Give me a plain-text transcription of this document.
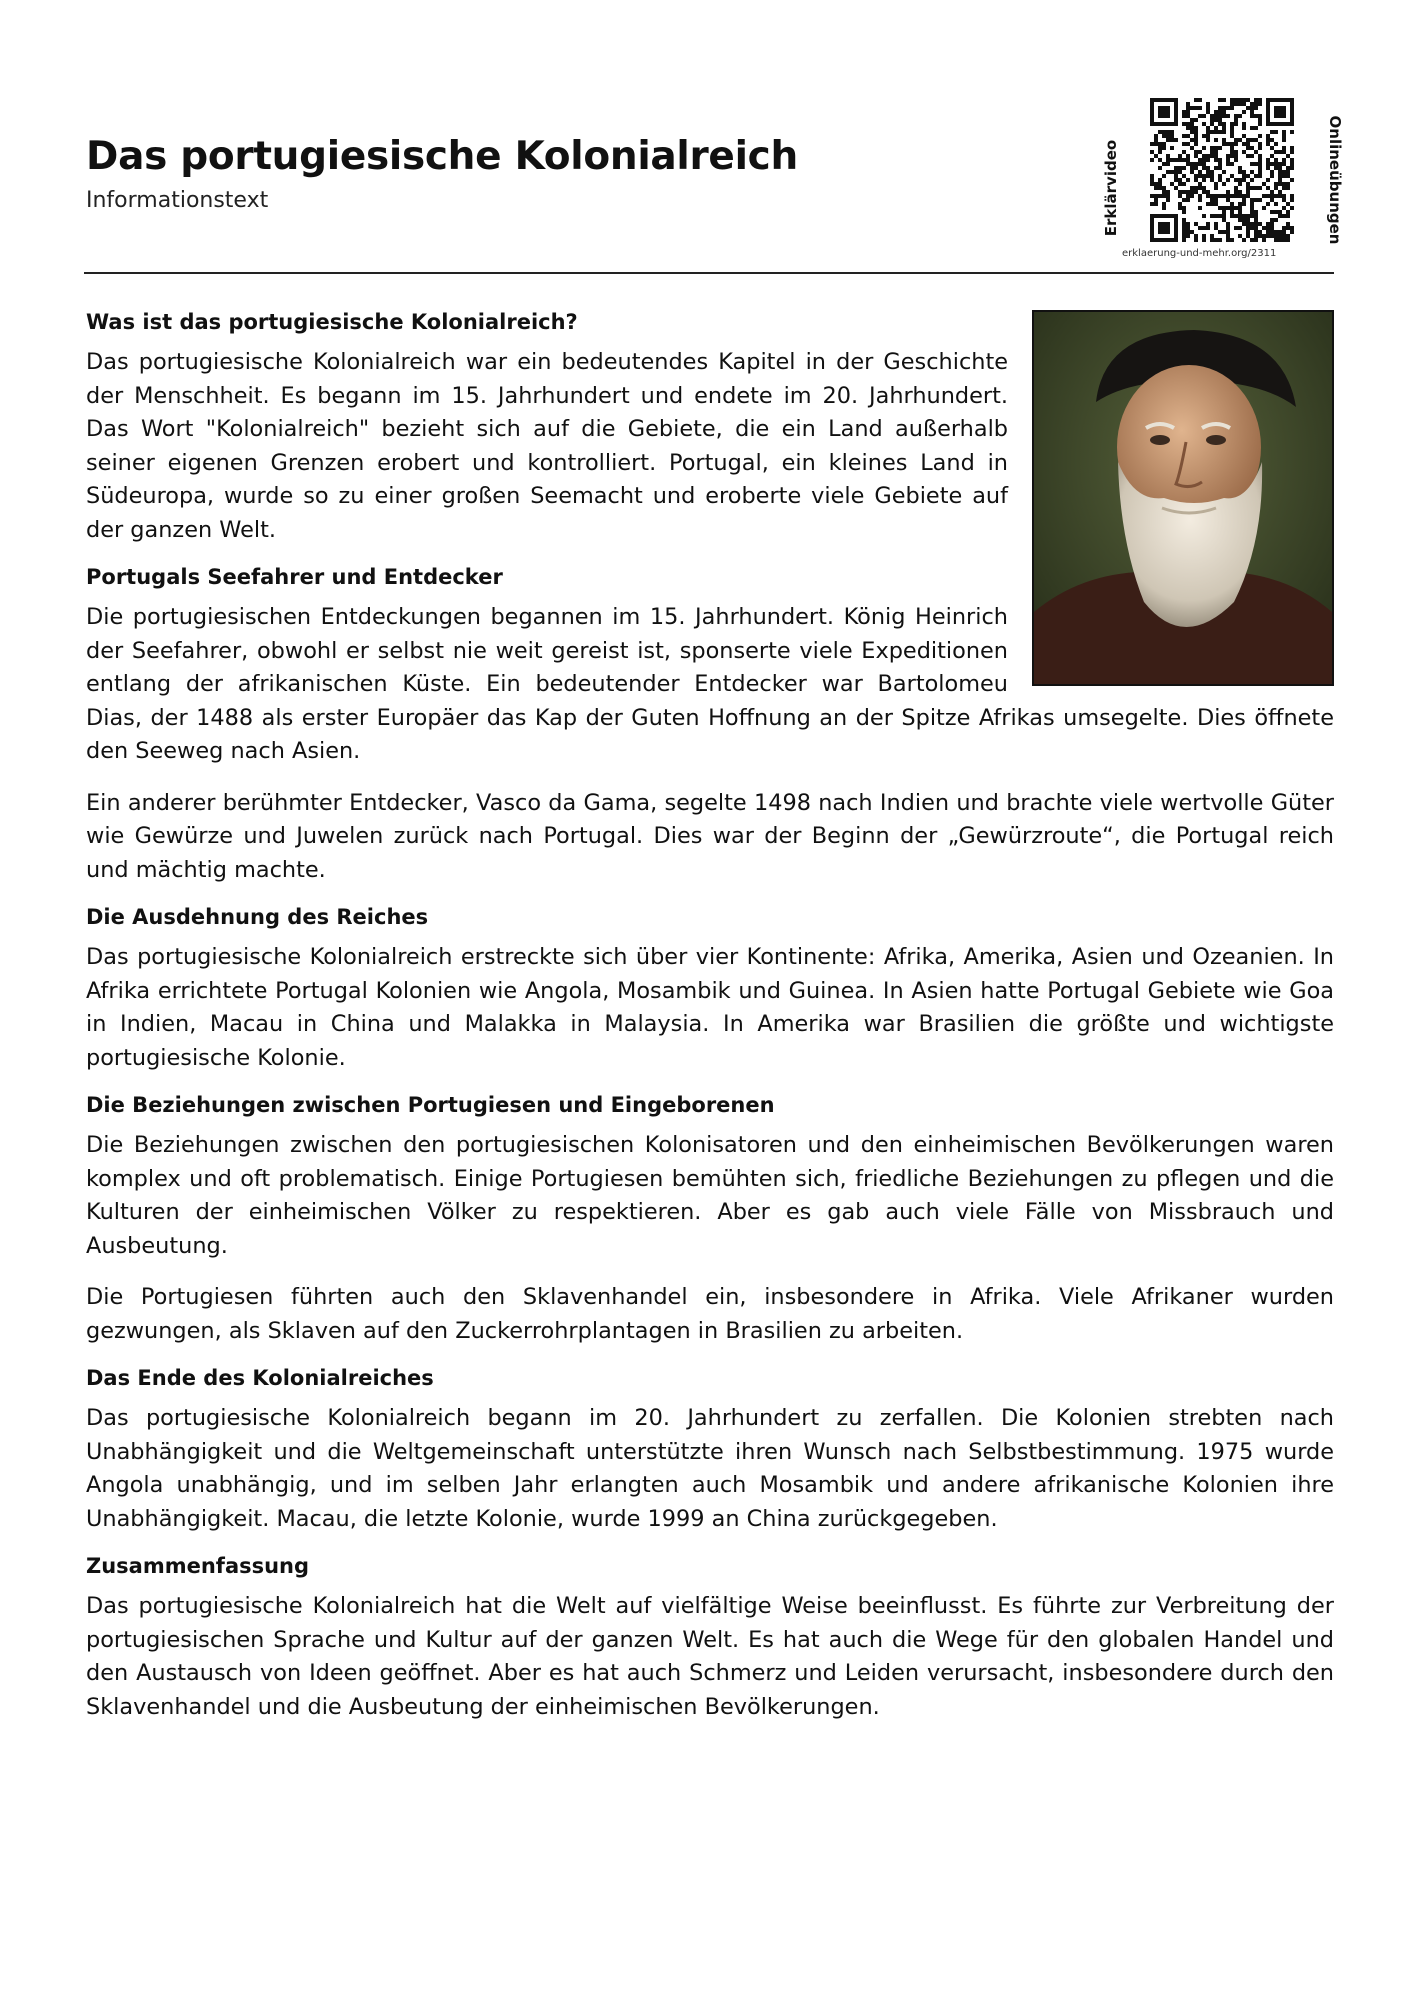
Das portugiesische Kolonialreich
Informationstext	Erklärvideo
erklaerung-und-mehr.org/2311
Onlineübungen
Was ist das portugiesische Kolonialreich?

Das portugiesische Kolonialreich war ein bedeutendes Kapitel in der Geschichte der Menschheit. Es begann im 15. Jahrhundert und endete im 20. Jahrhundert. Das Wort "Kolonialreich" bezieht sich auf die Gebiete, die ein Land außerhalb seiner eigenen Grenzen erobert und kontrolliert. Portugal, ein kleines Land in Südeuropa, wurde so zu einer großen Seemacht und eroberte viele Gebiete auf der ganzen Welt.

Portugals Seefahrer und Entdecker

Die portugiesischen Entdeckungen begannen im 15. Jahrhundert. König Heinrich der Seefahrer, obwohl er selbst nie weit gereist ist, sponserte viele Expeditionen entlang der afrikanischen Küste. Ein bedeutender Entdecker war Bartolomeu Dias, der 1488 als erster Europäer das Kap der Guten Hoffnung an der Spitze Afrikas umsegelte. Dies öffnete den Seeweg nach Asien.

Ein anderer berühmter Entdecker, Vasco da Gama, segelte 1498 nach Indien und brachte viele wertvolle Güter wie Gewürze und Juwelen zurück nach Portugal. Dies war der Beginn der „Gewürzroute“, die Portugal reich und mächtig machte.

Die Ausdehnung des Reiches

Das portugiesische Kolonialreich erstreckte sich über vier Kontinente: Afrika, Amerika, Asien und Ozeanien. In Afrika errichtete Portugal Kolonien wie Angola, Mosambik und Guinea. In Asien hatte Portugal Gebiete wie Goa in Indien, Macau in China und Malakka in Malaysia. In Amerika war Brasilien die größte und wichtigste portugiesische Kolonie.

Die Beziehungen zwischen Portugiesen und Eingeborenen

Die Beziehungen zwischen den portugiesischen Kolonisatoren und den einheimischen Bevölkerungen waren komplex und oft problematisch. Einige Portugiesen bemühten sich, friedliche Beziehungen zu pflegen und die Kulturen der einheimischen Völker zu respektieren. Aber es gab auch viele Fälle von Missbrauch und Ausbeutung.

Die Portugiesen führten auch den Sklavenhandel ein, insbesondere in Afrika. Viele Afrikaner wurden gezwungen, als Sklaven auf den Zuckerrohrplantagen in Brasilien zu arbeiten.

Das Ende des Kolonialreiches

Das portugiesische Kolonialreich begann im 20. Jahrhundert zu zerfallen. Die Kolonien strebten nach Unabhängigkeit und die Weltgemeinschaft unterstützte ihren Wunsch nach Selbstbestimmung. 1975 wurde Angola unabhängig, und im selben Jahr erlangten auch Mosambik und andere afrikanische Kolonien ihre Unabhängigkeit. Macau, die letzte Kolonie, wurde 1999 an China zurückgegeben.

Zusammenfassung

Das portugiesische Kolonialreich hat die Welt auf vielfältige Weise beeinflusst. Es führte zur Verbreitung der portugiesischen Sprache und Kultur auf der ganzen Welt. Es hat auch die Wege für den globalen Handel und den Austausch von Ideen geöffnet. Aber es hat auch Schmerz und Leiden verursacht, insbesondere durch den Sklavenhandel und die Ausbeutung der einheimischen Bevölkerungen.
